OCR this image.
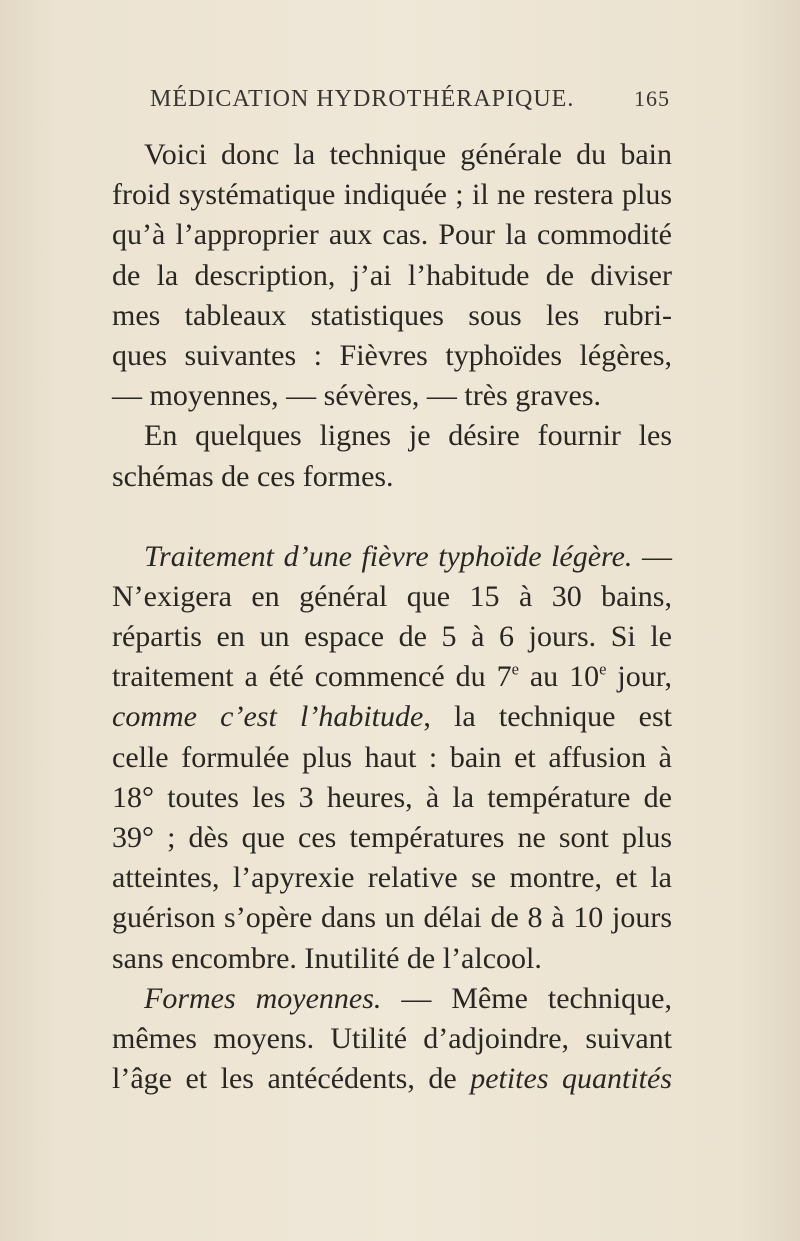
MÉDICATION HYDROTHÉRAPIQUE.	165
Voici donc la technique générale du bain
froid systématique indiquée ; il ne restera plus
qu’à l’approprier aux cas. Pour la commodité
de la description, j’ai l’habitude de diviser
mes tableaux statistiques sous les rubri-
ques suivantes : Fièvres typhoïdes légères,
— moyennes, — sévères, — très graves.
En quelques lignes je désire fournir les
schémas de ces formes.
Traitement d’une fièvre typhoïde légère. —
N’exigera en général que 15 à 30 bains,
répartis en un espace de 5 à 6 jours. Si le
traitement a été commencé du 7e au 10e jour,
comme c’est l’habitude, la technique est
celle formulée plus haut : bain et affusion à
18° toutes les 3 heures, à la température de
39° ; dès que ces températures ne sont plus
atteintes, l’apyrexie relative se montre, et la
guérison s’opère dans un délai de 8 à 10 jours
sans encombre. Inutilité de l’alcool.
Formes moyennes. — Même technique,
mêmes moyens. Utilité d’adjoindre, suivant
l’âge et les antécédents, de petites quantités
